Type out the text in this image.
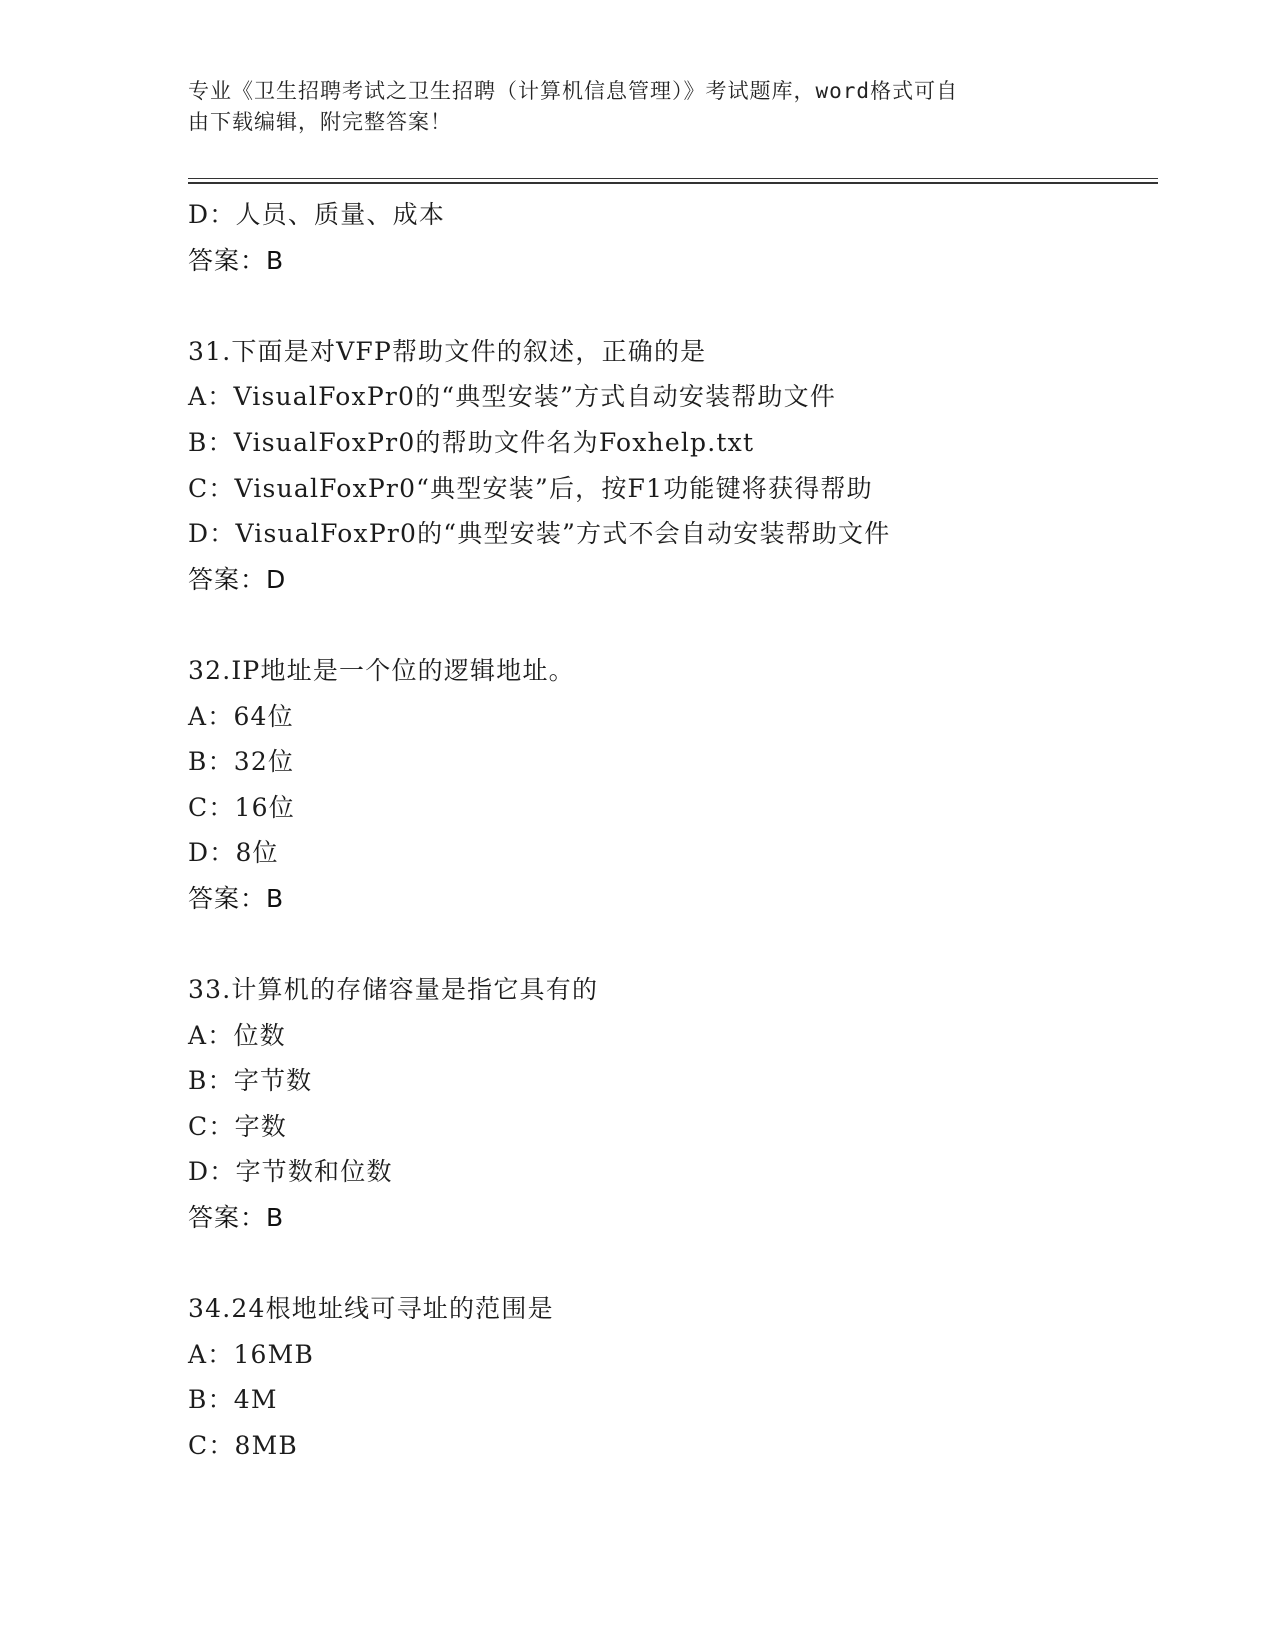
专业《卫生招聘考试之卫生招聘（计算机信息管理）》考试题库，word格式可自
由下载编辑，附完整答案！
D：人员、质量、成本
答案：B
31.下面是对VFP帮助文件的叙述，正确的是
A：VisualFoxPr0的“典型安装”方式自动安装帮助文件
B：VisualFoxPr0的帮助文件名为Foxhelp.txt
C：VisualFoxPr0“典型安装”后，按F1功能键将获得帮助
D：VisualFoxPr0的“典型安装”方式不会自动安装帮助文件
答案：D
32.IP地址是一个位的逻辑地址。
A：64位
B：32位
C：16位
D：8位
答案：B
33.计算机的存储容量是指它具有的
A：位数
B：字节数
C：字数
D：字节数和位数
答案：B
34.24根地址线可寻址的范围是
A：16MB
B：4M
C：8MB
